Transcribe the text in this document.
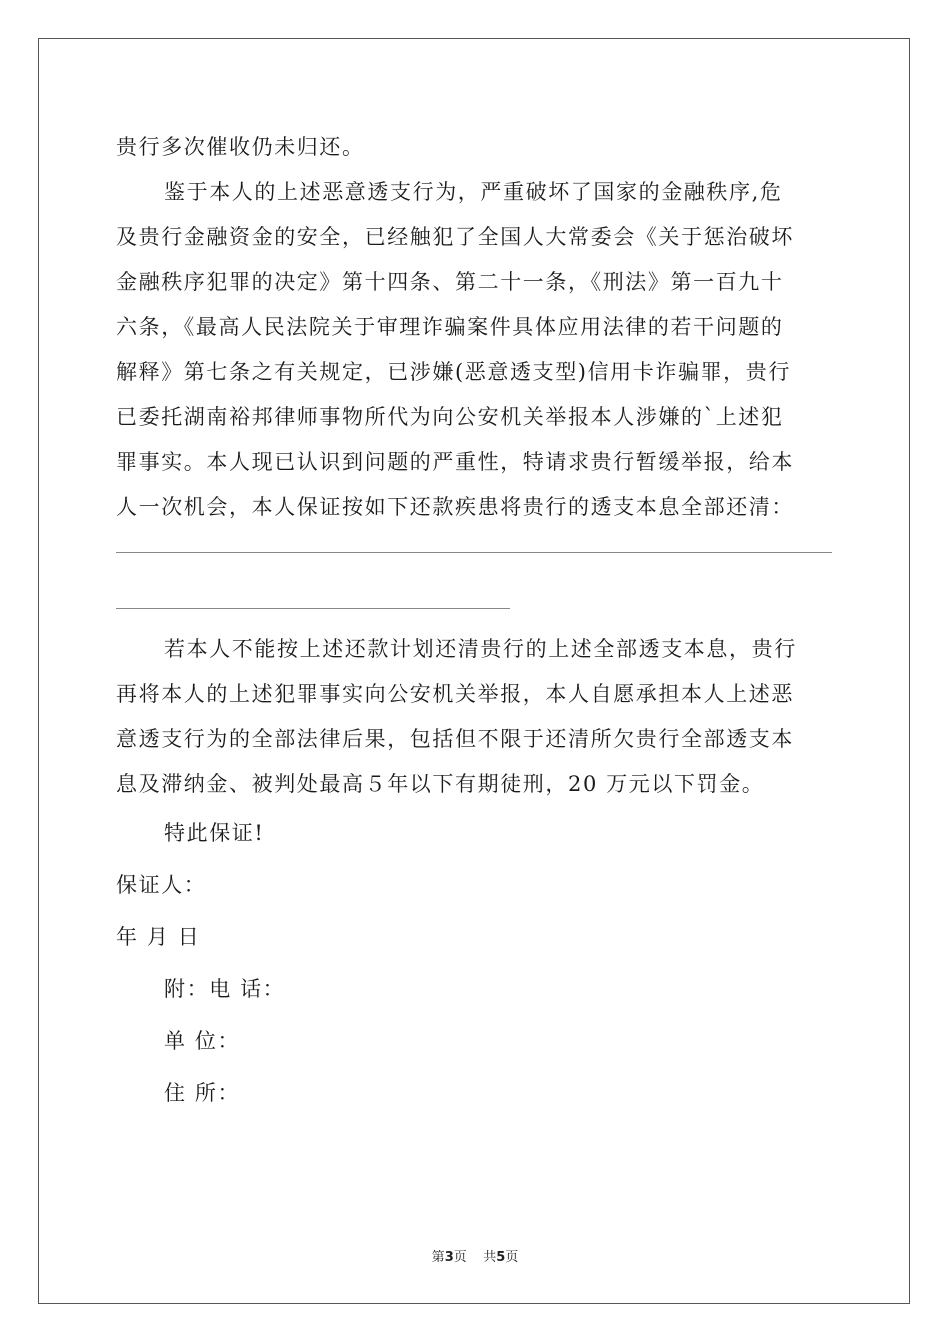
贵行多次催收仍未归还。
鉴于本人的上述恶意透支行为，严重破坏了国家的金融秩序,危
及贵行金融资金的安全，已经触犯了全国人大常委会《关于惩治破坏
金融秩序犯罪的决定》第十四条、第二十一条，《刑法》第一百九十
六条，《最高人民法院关于审理诈骗案件具体应用法律的若干问题的
解释》第七条之有关规定，已涉嫌(恶意透支型)信用卡诈骗罪，贵行
已委托湖南裕邦律师事物所代为向公安机关举报本人涉嫌的`上述犯
罪事实。本人现已认识到问题的严重性，特请求贵行暂缓举报，给本
人一次机会，本人保证按如下还款疾患将贵行的透支本息全部还清：
若本人不能按上述还款计划还清贵行的上述全部透支本息，贵行
再将本人的上述犯罪事实向公安机关举报，本人自愿承担本人上述恶
意透支行为的全部法律后果，包括但不限于还清所欠贵行全部透支本
息及滞纳金、被判处最高５年以下有期徒刑，20 万元以下罚金。
特此保证!
保证人：
年 月 日
附：电 话：
单 位：
住 所：
第3页    共5页
